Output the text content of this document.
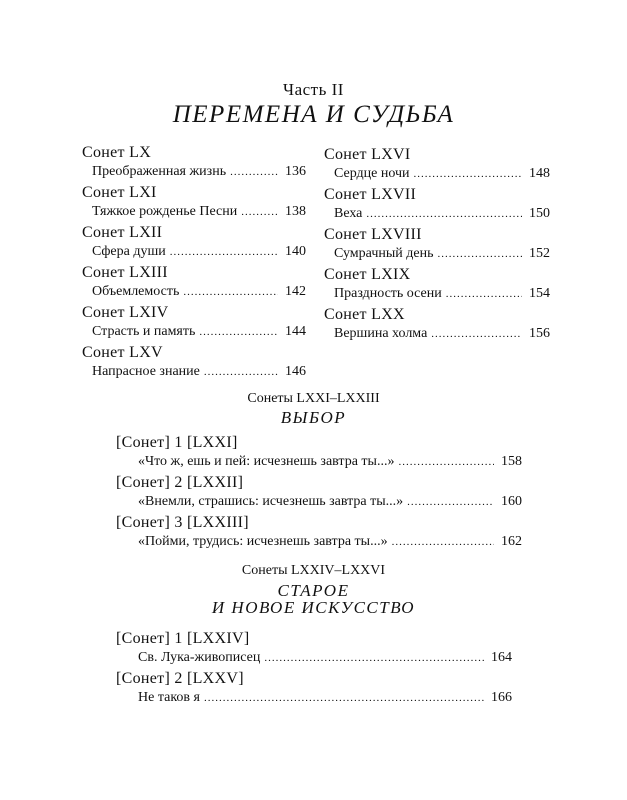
Часть II
ПЕРЕМЕНА И СУДЬБА
Сонет LX
Преображенная жизнь .....	136
Сонет LXI
Тяжкое рожденье Песни .....	138
Сонет LXII
Сфера души .....	140
Сонет LXIII
Объемлемость .....	142
Сонет LXIV
Страсть и память .....	144
Сонет LXV
Напрасное знание .....	146
Сонет LXVI
Сердце ночи .....	148
Сонет LXVII
Веха .....	150
Сонет LXVIII
Сумрачный день .....	152
Сонет LXIX
Праздность осени .....	154
Сонет LXX
Вершина холма .....	156
Сонеты LXXI–LXXIII
ВЫБОР
[Сонет] 1 [LXXI]
«Что ж, ешь и пей: исчезнешь завтра ты...» .....	158
[Сонет] 2 [LXXII]
«Внемли, страшись: исчезнешь завтра ты...» .....	160
[Сонет] 3 [LXXIII]
«Пойми, трудись: исчезнешь завтра ты...» .....	162
Сонеты LXXIV–LXXVI
СТАРОЕ
И НОВОЕ ИСКУССТВО
[Сонет] 1 [LXXIV]
Св. Лука-живописец .....	164
[Сонет] 2 [LXXV]
Не таков я .....	166
